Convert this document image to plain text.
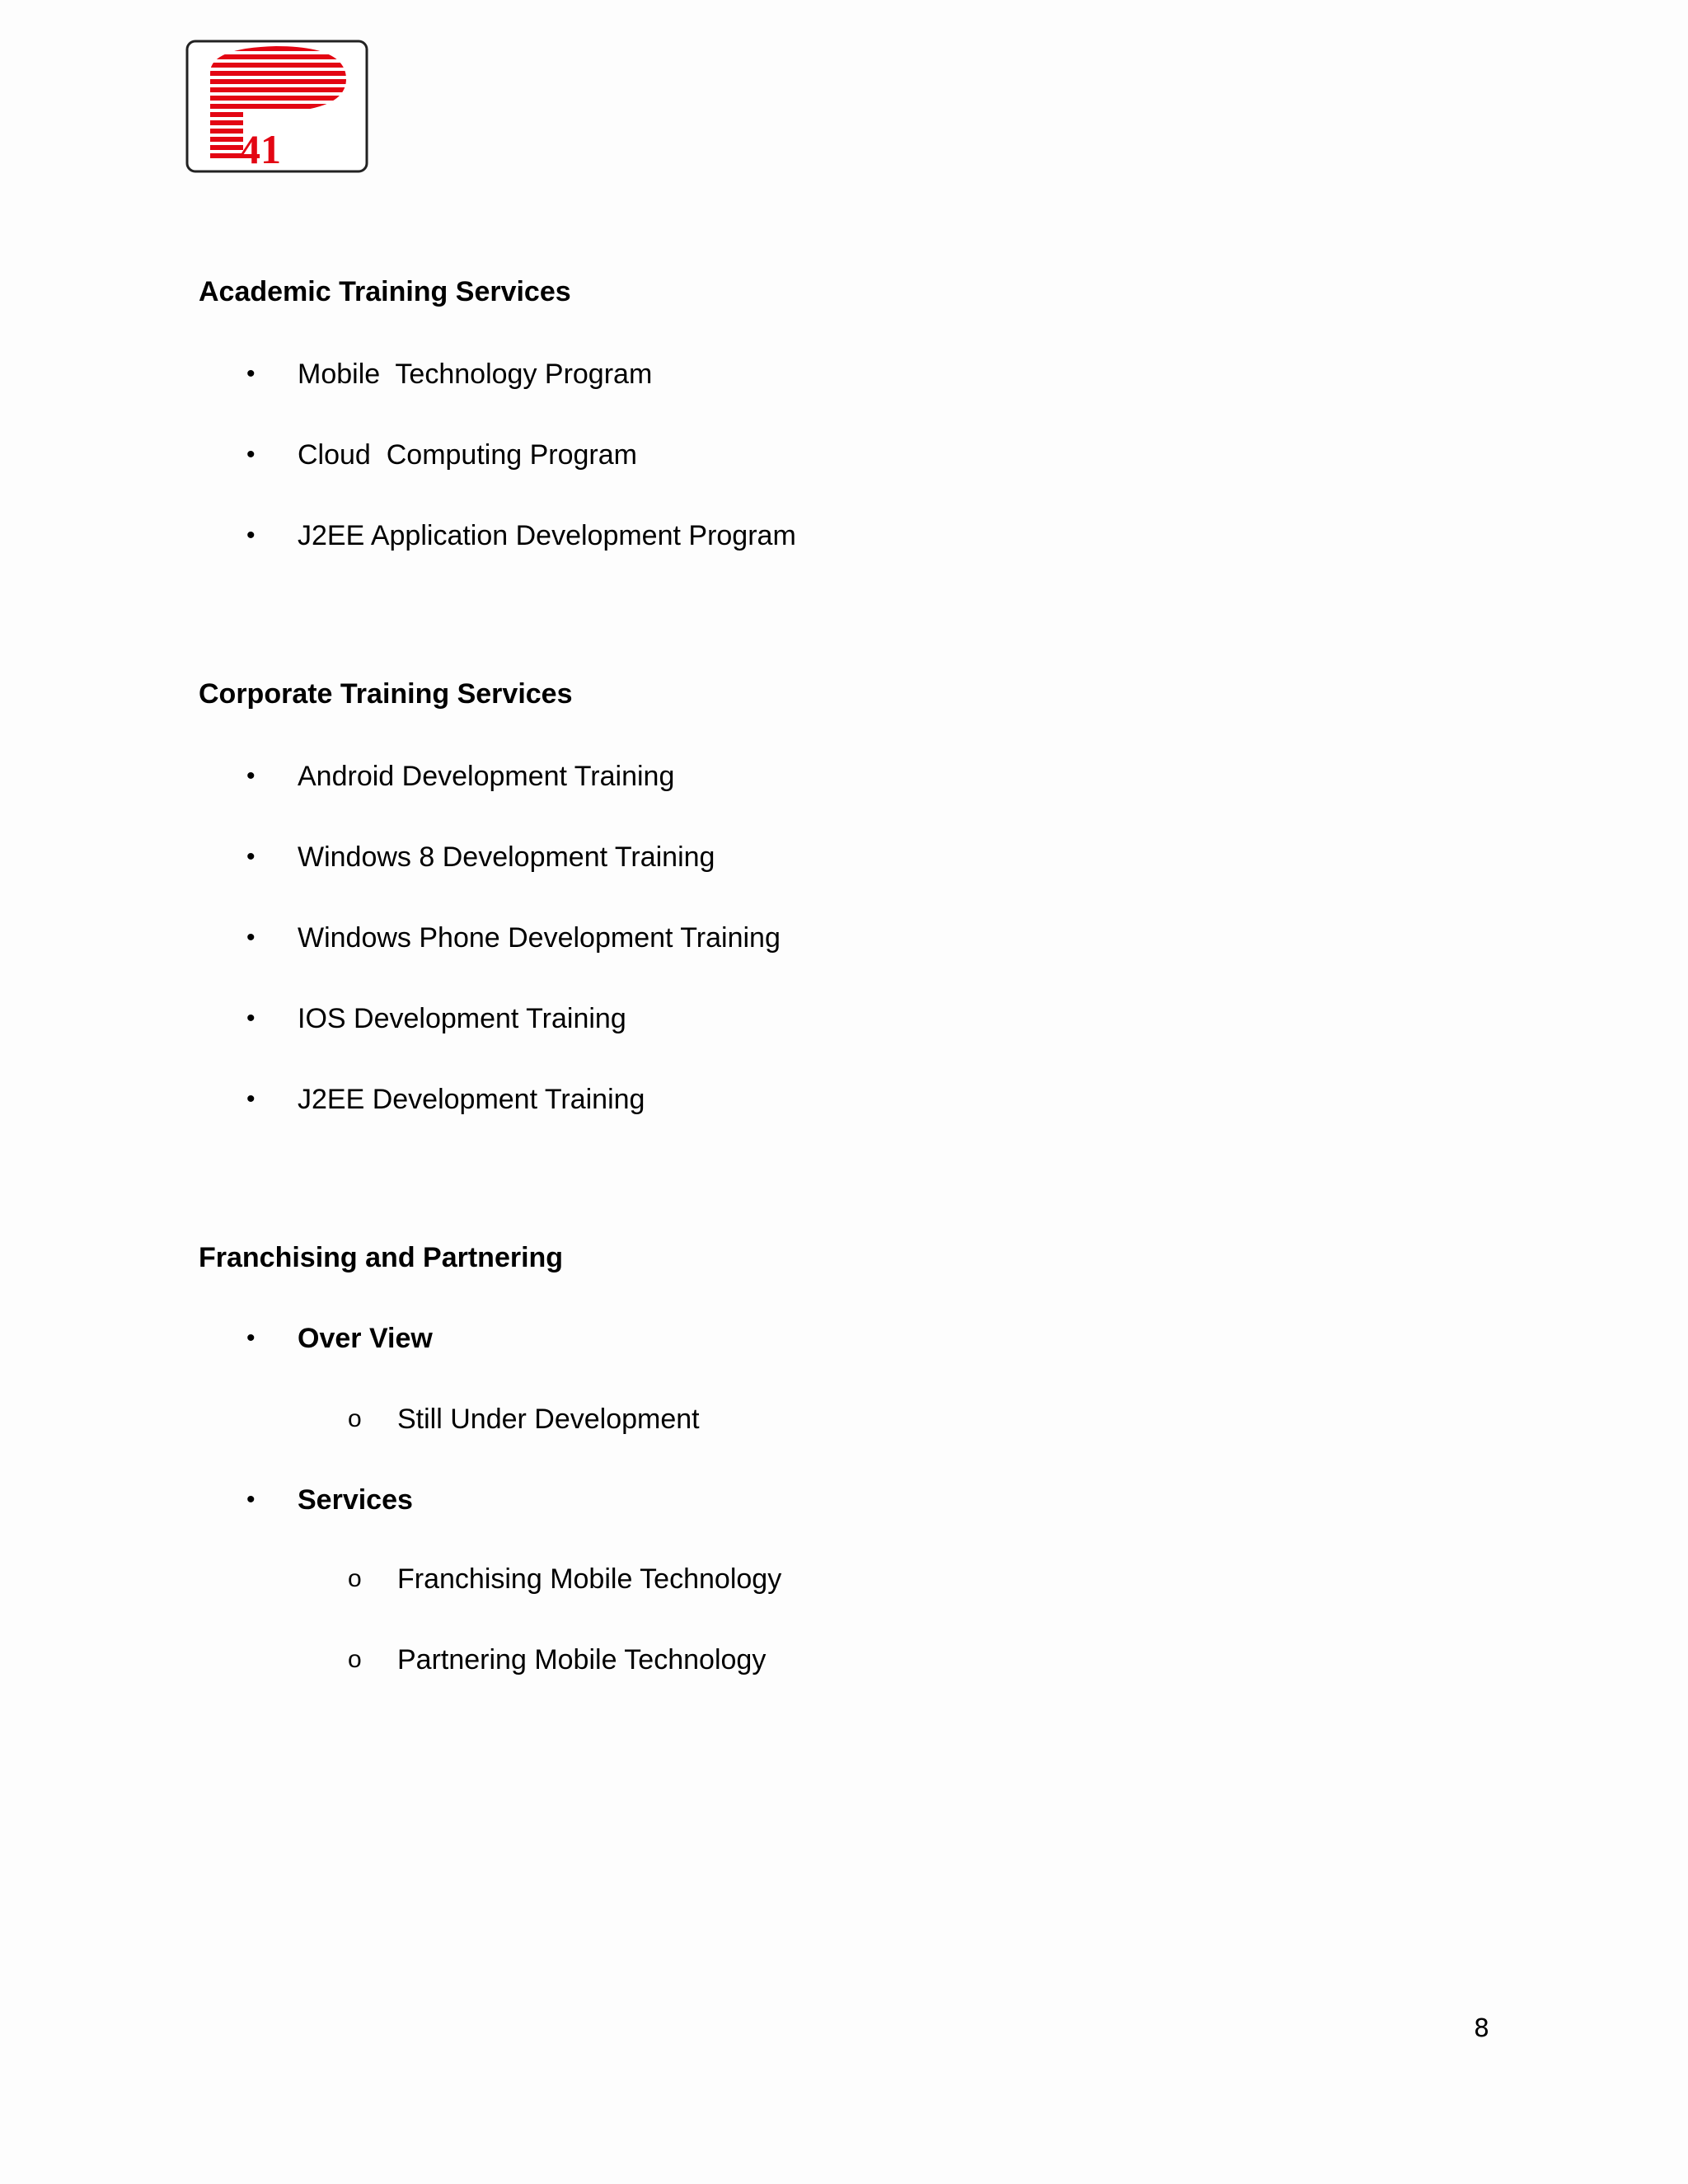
41
Academic Training Services
• Mobile  Technology Program
• Cloud  Computing Program
• J2EE Application Development Program
Corporate Training Services
• Android Development Training
• Windows 8 Development Training
• Windows Phone Development Training
• IOS Development Training
• J2EE Development Training
Franchising and Partnering
• Over View
o Still Under Development
• Services
o Franchising Mobile Technology
o Partnering Mobile Technology
8
